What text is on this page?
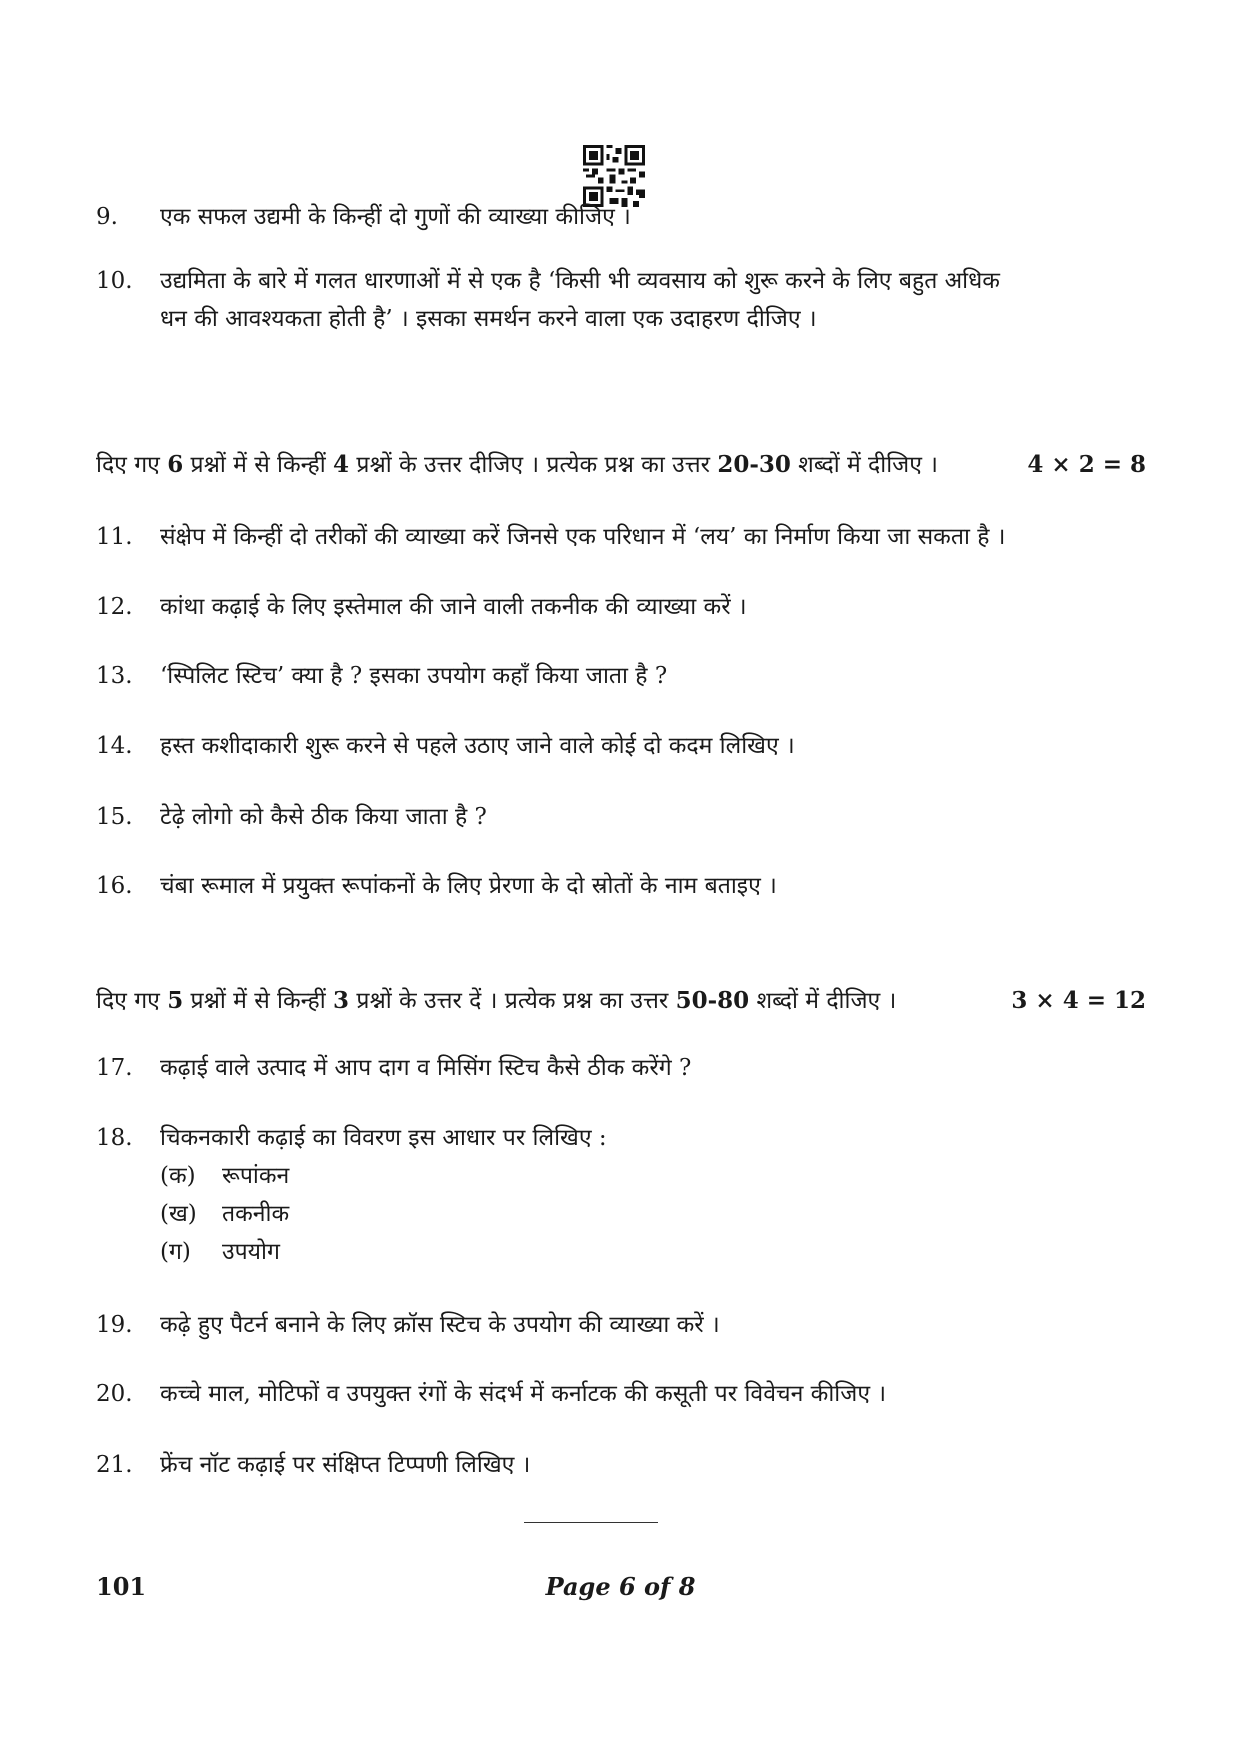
9.	एक सफल उद्यमी के किन्हीं दो गुणों की व्याख्या कीजिए ।
10.	उद्यमिता के बारे में गलत धारणाओं में से एक है ‘किसी भी व्यवसाय को शुरू करने के लिए बहुत अधिक
धन की आवश्यकता होती है’ । इसका समर्थन करने वाला एक उदाहरण दीजिए ।
दिए गए 6 प्रश्नों में से किन्हीं 4 प्रश्नों के उत्तर दीजिए । प्रत्येक प्रश्न का उत्तर 20-30 शब्दों में दीजिए ।	4 × 2 = 8
11.	संक्षेप में किन्हीं दो तरीकों की व्याख्या करें जिनसे एक परिधान में ‘लय’ का निर्माण किया जा सकता है ।
12.	कांथा कढ़ाई के लिए इस्तेमाल की जाने वाली तकनीक की व्याख्या करें ।
13.	‘स्पिलिट स्टिच’ क्या है ? इसका उपयोग कहाँ किया जाता है ?
14.	हस्त कशीदाकारी शुरू करने से पहले उठाए जाने वाले कोई दो कदम लिखिए ।
15.	टेढ़े लोगो को कैसे ठीक किया जाता है ?
16.	चंबा रूमाल में प्रयुक्त रूपांकनों के लिए प्रेरणा के दो स्रोतों के नाम बताइए ।
दिए गए 5 प्रश्नों में से किन्हीं 3 प्रश्नों के उत्तर दें । प्रत्येक प्रश्न का उत्तर 50-80 शब्दों में दीजिए ।	3 × 4 = 12
17.	कढ़ाई वाले उत्पाद में आप दाग व मिसिंग स्टिच कैसे ठीक करेंगे ?
18.	चिकनकारी कढ़ाई का विवरण इस आधार पर लिखिए :
(क) रूपांकन
(ख) तकनीक
(ग) उपयोग
19.	कढ़े हुए पैटर्न बनाने के लिए क्रॉस स्टिच के उपयोग की व्याख्या करें ।
20.	कच्चे माल, मोटिफों व उपयुक्त रंगों के संदर्भ में कर्नाटक की कसूती पर विवेचन कीजिए ।
21.	फ्रेंच नॉट कढ़ाई पर संक्षिप्त टिप्पणी लिखिए ।
101	Page 6 of 8
